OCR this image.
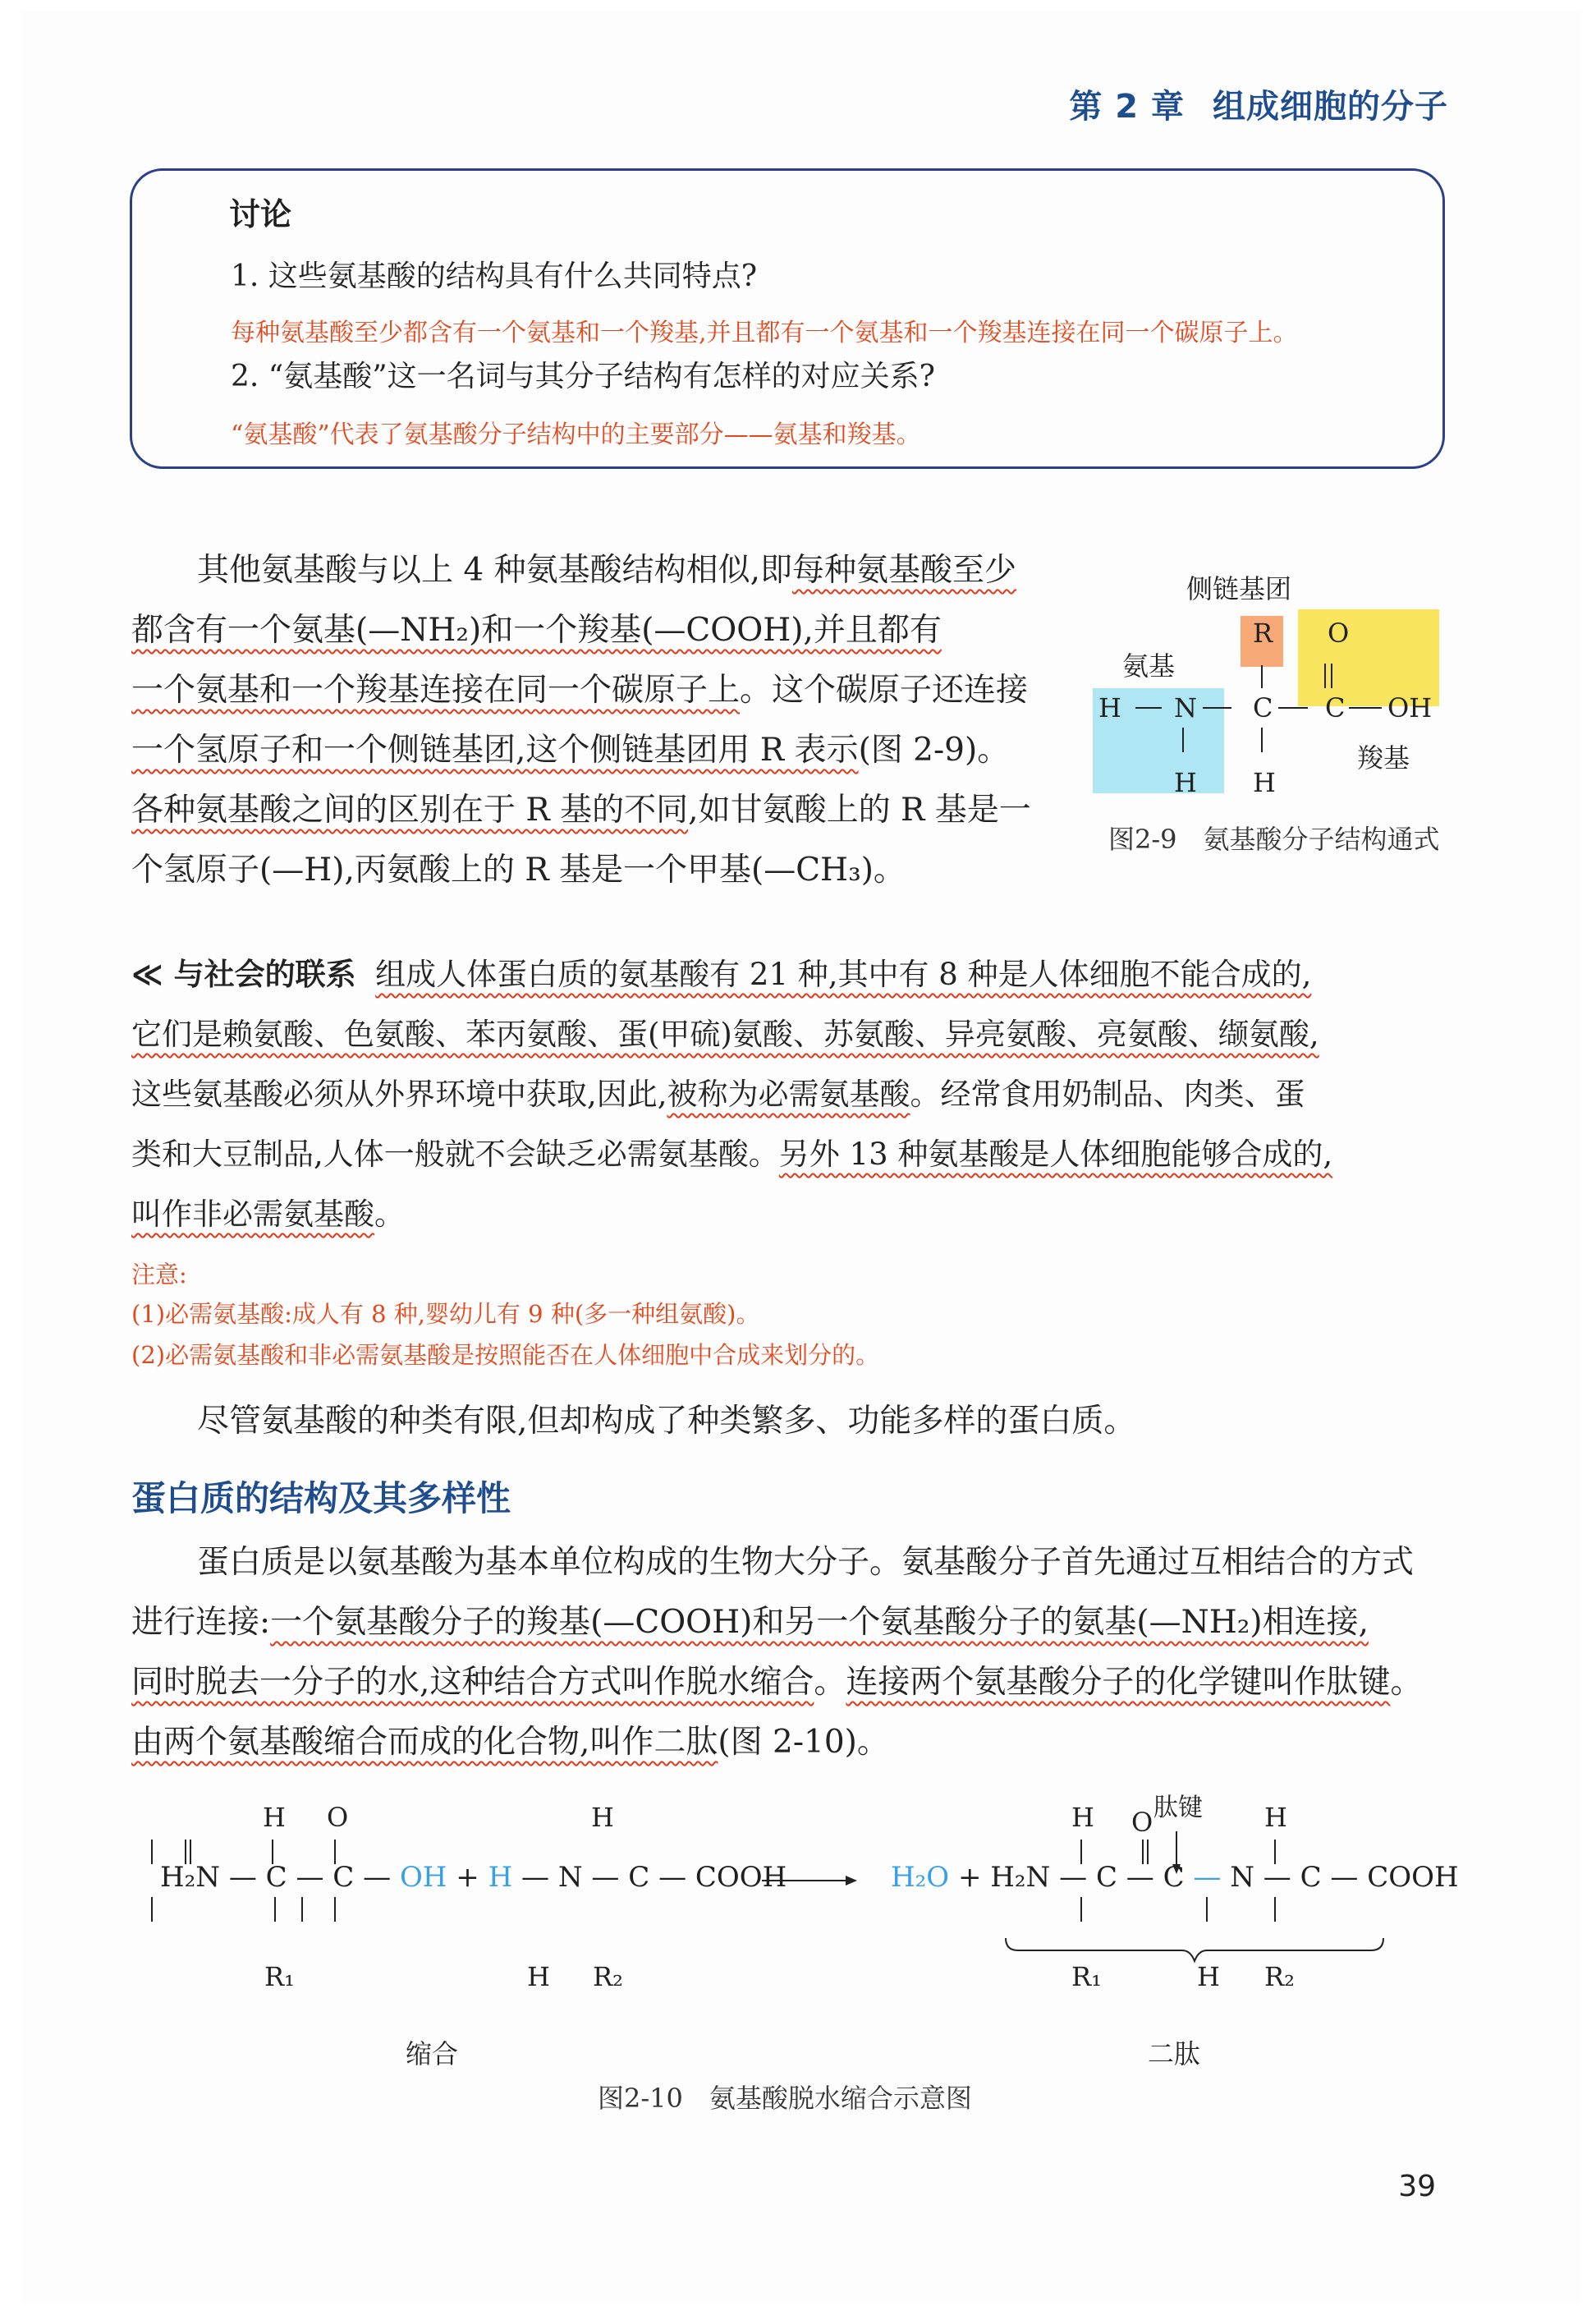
第 2 章 组成细胞的分子
讨论
1. 这些氨基酸的结构具有什么共同特点?
每种氨基酸至少都含有一个氨基和一个羧基,并且都有一个氨基和一个羧基连接在同一个碳原子上。
2. “氨基酸”这一名词与其分子结构有怎样的对应关系?
“氨基酸”代表了氨基酸分子结构中的主要部分——氨基和羧基。
其他氨基酸与以上 4 种氨基酸结构相似,即每种氨基酸至少
都含有一个氨基(—NH₂)和一个羧基(—COOH),并且都有
一个氨基和一个羧基连接在同一个碳原子上。这个碳原子还连接
一个氢原子和一个侧链基团,这个侧链基团用 R 表示(图 2-9)。
各种氨基酸之间的区别在于 R 基的不同,如甘氨酸上的 R 基是一
个氢原子(—H),丙氨酸上的 R 基是一个甲基(—CH₃)。
侧链基团
氨基
羧基
R O
H N C C OH
H H
图2-9　氨基酸分子结构通式
≪ 与社会的联系 组成人体蛋白质的氨基酸有 21 种,其中有 8 种是人体细胞不能合成的,
它们是赖氨酸、色氨酸、苯丙氨酸、蛋(甲硫)氨酸、苏氨酸、异亮氨酸、亮氨酸、缬氨酸,
这些氨基酸必须从外界环境中获取,因此,被称为必需氨基酸。经常食用奶制品、肉类、蛋
类和大豆制品,人体一般就不会缺乏必需氨基酸。另外 13 种氨基酸是人体细胞能够合成的,
叫作非必需氨基酸。
注意:
(1)必需氨基酸:成人有 8 种,婴幼儿有 9 种(多一种组氨酸)。
(2)必需氨基酸和非必需氨基酸是按照能否在人体细胞中合成来划分的。
尽管氨基酸的种类有限,但却构成了种类繁多、功能多样的蛋白质。
蛋白质的结构及其多样性
蛋白质是以氨基酸为基本单位构成的生物大分子。氨基酸分子首先通过互相结合的方式
进行连接:一个氨基酸分子的羧基(—COOH)和另一个氨基酸分子的氨基(—NH₂)相连接,
同时脱去一分子的水,这种结合方式叫作脱水缩合。连接两个氨基酸分子的化学键叫作肽键。
由两个氨基酸缩合而成的化合物,叫作二肽(图 2-10)。
H₂N — C — C — OH + H — N — C — COOH	H₂O + H₂N — C — C — N — C — COOH
H O	H	H O 肽键 H
R₁	H R₂	R₁	H R₂
缩合	二肽
图2-10　氨基酸脱水缩合示意图
39
